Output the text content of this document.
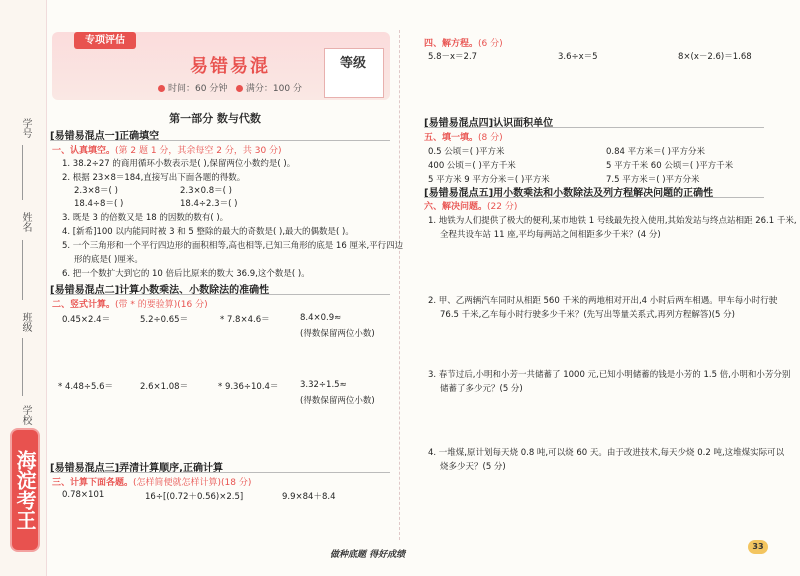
学号
姓名
班级
学校
海淀考王
专项评估
易错易混
时间：60 分钟 满分：100 分
等级
第一部分 数与代数
[易错易混点一]正确填空
一、认真填空。(第 2 题 1 分，其余每空 2 分，共 30 分)
1. 38.2÷27 的商用循环小数表示是( ),保留两位小数约是( )。
2. 根据 23×8＝184,直接写出下面各题的得数。
2.3×8＝( )	2.3×0.8＝( )
18.4÷8＝( )	18.4÷2.3＝( )
3. 既是 3 的倍数又是 18 的因数的数有( )。
4. [新希]100 以内能同时被 3 和 5 整除的最大的奇数是( ),最大的偶数是( )。
5. 一个三角形和一个平行四边形的面积相等,高也相等,已知三角形的底是 16 厘米,平行四边
形的底是( )厘米。
6. 把一个数扩大到它的 10 倍后比原来的数大 36.9,这个数是( )。
[易错易混点二]计算小数乘法、小数除法的准确性
二、竖式计算。(带 * 的要验算)(16 分)
0.45×2.4＝	5.2÷0.65＝	* 7.8×4.6＝	8.4×0.9≈
(得数保留两位小数)
* 4.48÷5.6＝	2.6×1.08＝	* 9.36÷10.4＝	3.32÷1.5≈
(得数保留两位小数)
[易错易混点三]弄清计算顺序,正确计算
三、计算下面各题。(怎样简便就怎样计算)(18 分)
0.78×101	16÷[(0.72＋0.56)×2.5]	9.9×84＋8.4
四、解方程。(6 分)
5.8－x＝2.7	3.6÷x＝5	8×(x－2.6)＝1.68
[易错易混点四]认识面积单位
五、填一填。(8 分)
0.5 公顷＝( )平方米	0.84 平方米＝( )平方分米
400 公顷＝( )平方千米	5 平方千米 60 公顷＝( )平方千米
5 平方米 9 平方分米＝( )平方米	7.5 平方米＝( )平方分米
[易错易混点五]用小数乘法和小数除法及列方程解决问题的正确性
六、解决问题。(22 分)
1. 地铁为人们提供了极大的便利,某市地铁 1 号线最先投入使用,其始发站与终点站相距 26.1 千米,
全程共设车站 11 座,平均每两站之间相距多少千米？(4 分)
2. 甲、乙两辆汽车同时从相距 560 千米的两地相对开出,4 小时后两车相遇。甲车每小时行驶
76.5 千米,乙车每小时行驶多少千米？(先写出等量关系式,再列方程解答)(5 分)
3. 春节过后,小明和小芳一共储蓄了 1000 元,已知小明储蓄的钱是小芳的 1.5 倍,小明和小芳分别
储蓄了多少元？(5 分)
4. 一堆煤,原计划每天烧 0.8 吨,可以烧 60 天。由于改进技术,每天少烧 0.2 吨,这堆煤实际可以
烧多少天？(5 分)
做种底题 得好成绩
33
